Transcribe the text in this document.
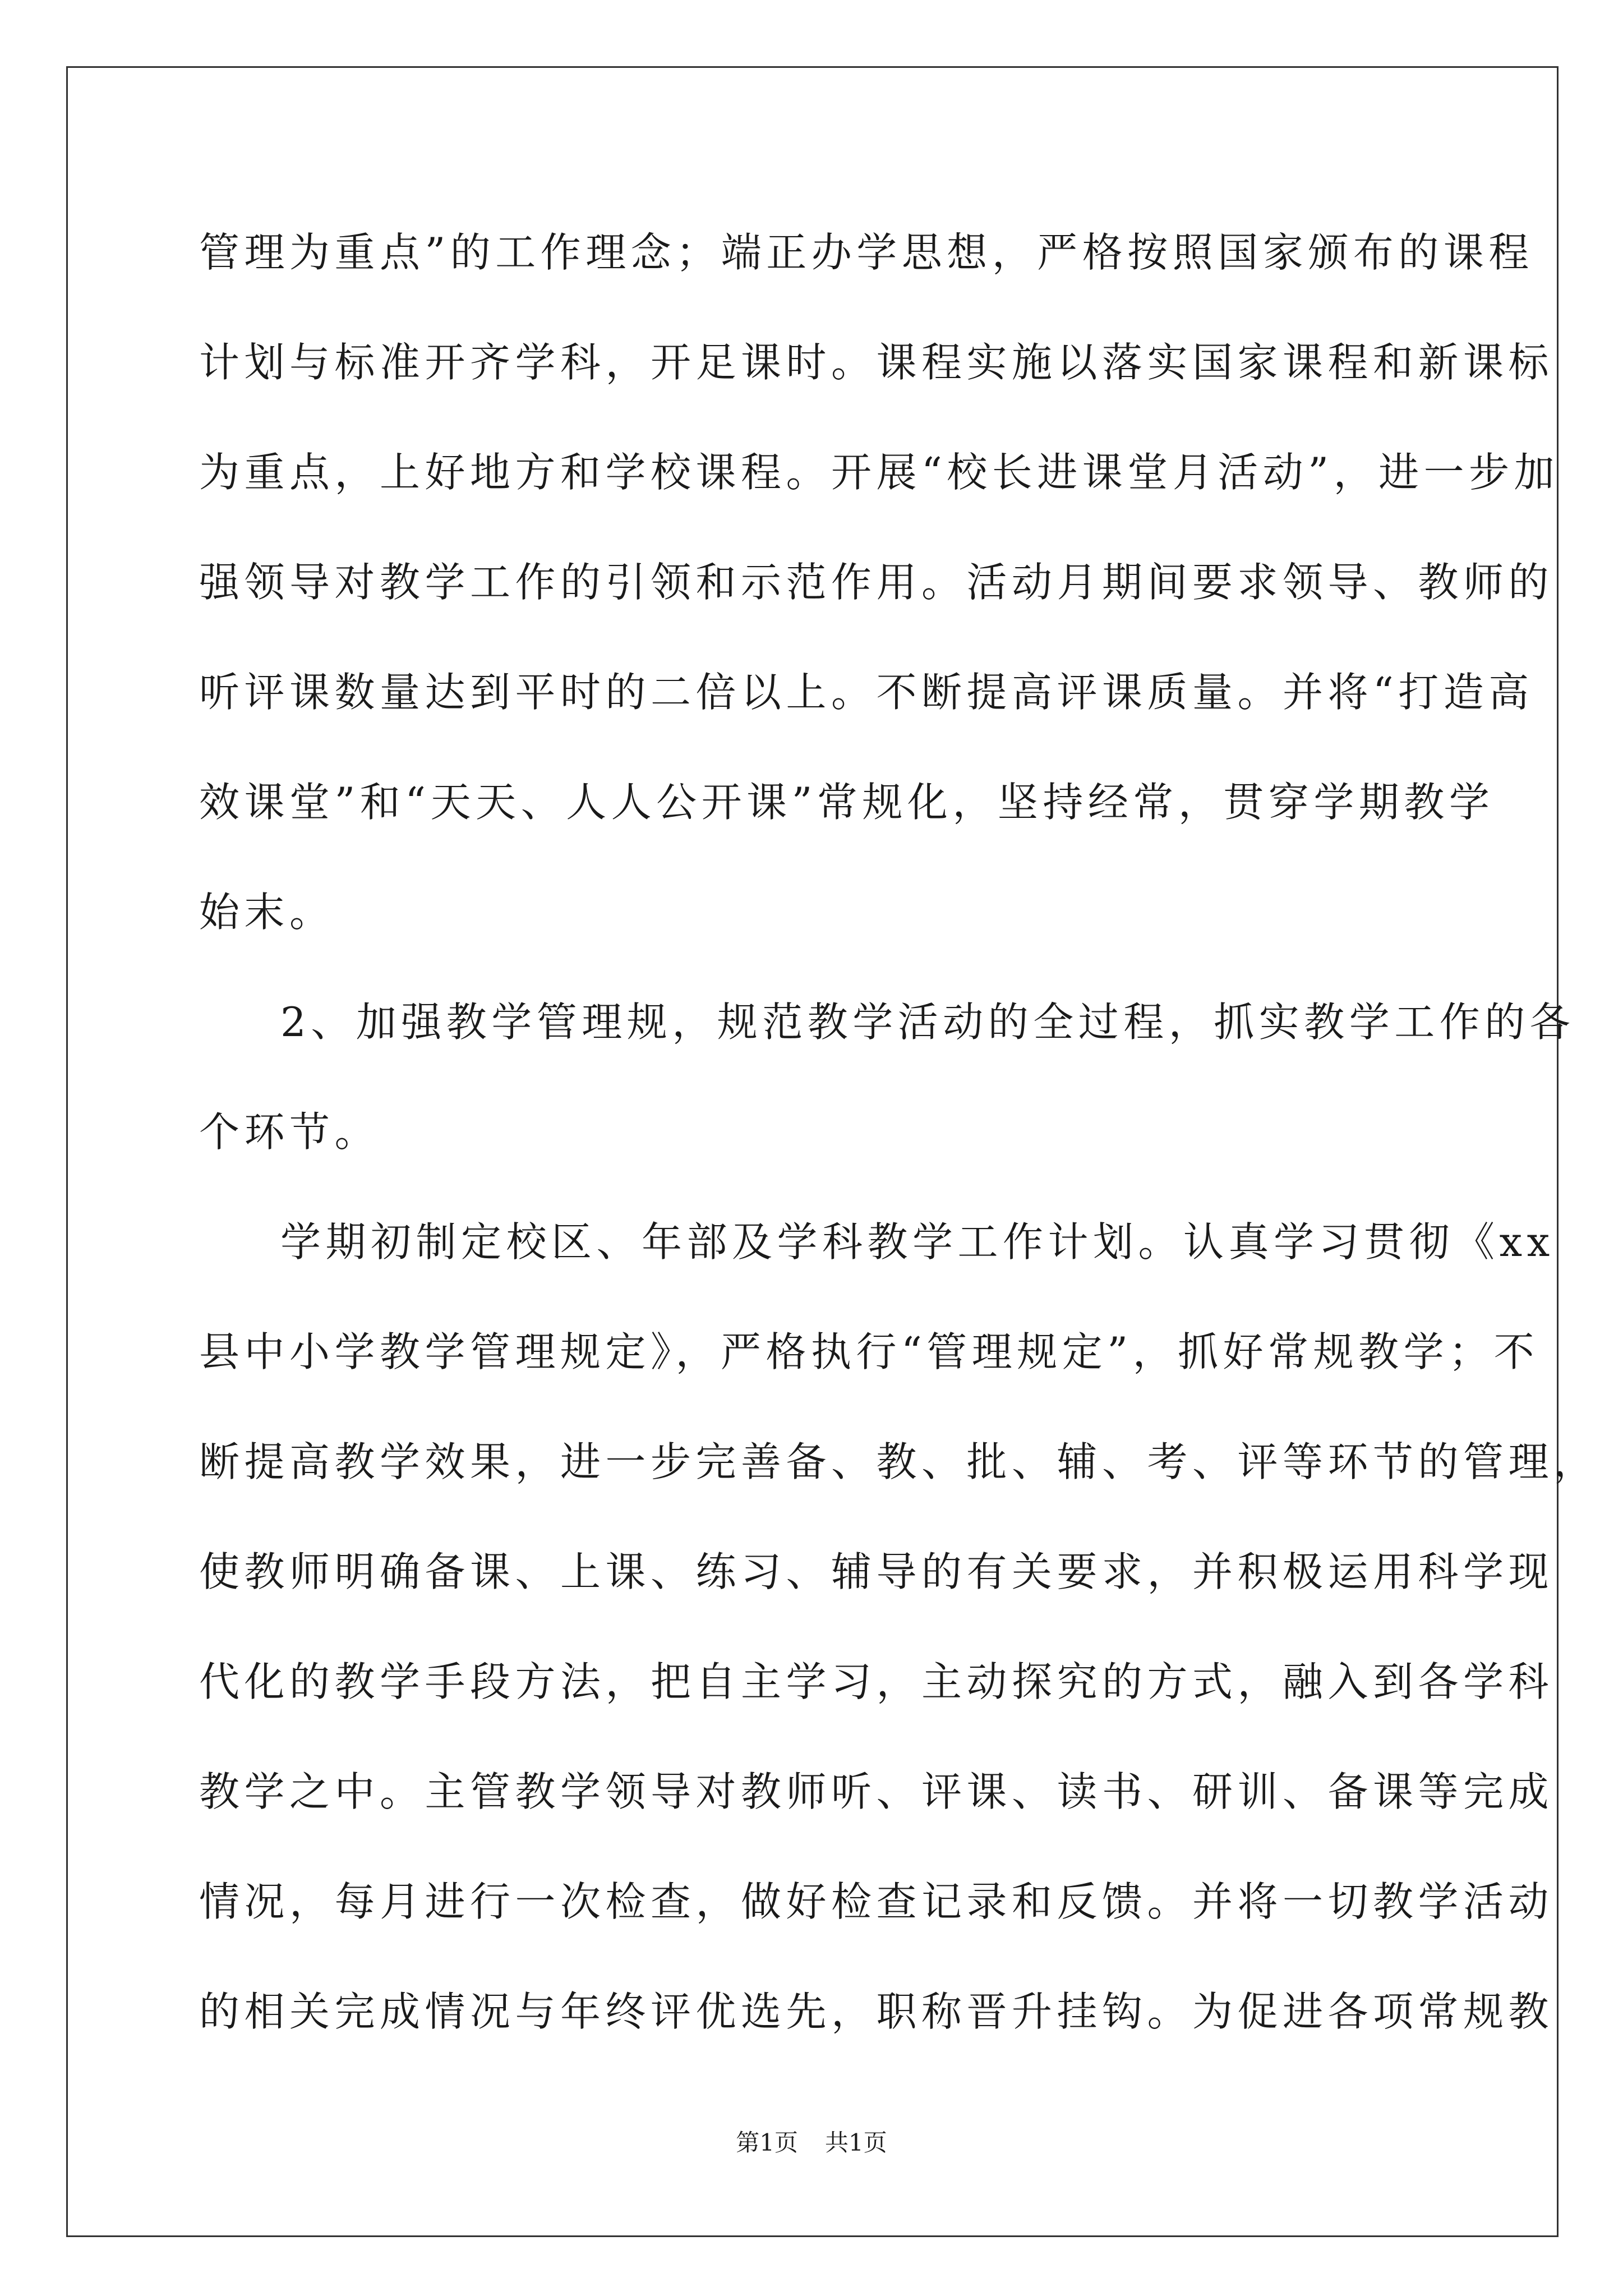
管理为重点”的工作理念；端正办学思想，严格按照国家颁布的课程
计划与标准开齐学科，开足课时。课程实施以落实国家课程和新课标
为重点，上好地方和学校课程。开展“校长进课堂月活动”，进一步加
强领导对教学工作的引领和示范作用。活动月期间要求领导、教师的
听评课数量达到平时的二倍以上。不断提高评课质量。并将“打造高
效课堂”和“天天、人人公开课”常规化，坚持经常，贯穿学期教学
始末。
2、加强教学管理规，规范教学活动的全过程，抓实教学工作的各
个环节。
学期初制定校区、年部及学科教学工作计划。认真学习贯彻《xx
县中小学教学管理规定》，严格执行“管理规定”，抓好常规教学；不
断提高教学效果，进一步完善备、教、批、辅、考、评等环节的管理，
使教师明确备课、上课、练习、辅导的有关要求，并积极运用科学现
代化的教学手段方法，把自主学习，主动探究的方式，融入到各学科
教学之中。主管教学领导对教师听、评课、读书、研训、备课等完成
情况，每月进行一次检查，做好检查记录和反馈。并将一切教学活动
的相关完成情况与年终评优选先，职称晋升挂钩。为促进各项常规教
第1页 共1页
